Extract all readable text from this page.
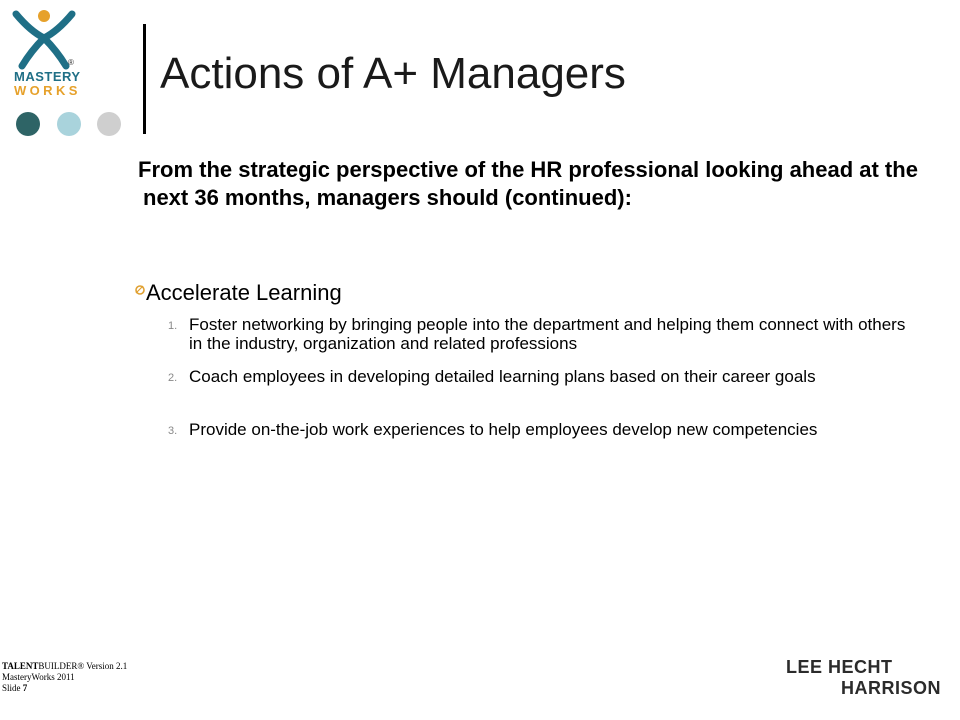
®
MASTERY
WORKS Actions of A+ Managers
From the strategic perspective of the HR professional looking ahead at the next 36 months, managers should (continued):
Accelerate Learning
1. Foster networking by bringing people into the department and helping them connect with others in the industry, organization and related professions
2. Coach employees in developing detailed learning plans based on their career goals
3. Provide on-the-job work experiences to help employees develop new competencies
TALENTBUILDER® Version 2.1
MasteryWorks 2011
Slide 7
LEE HECHT
HARRISON
